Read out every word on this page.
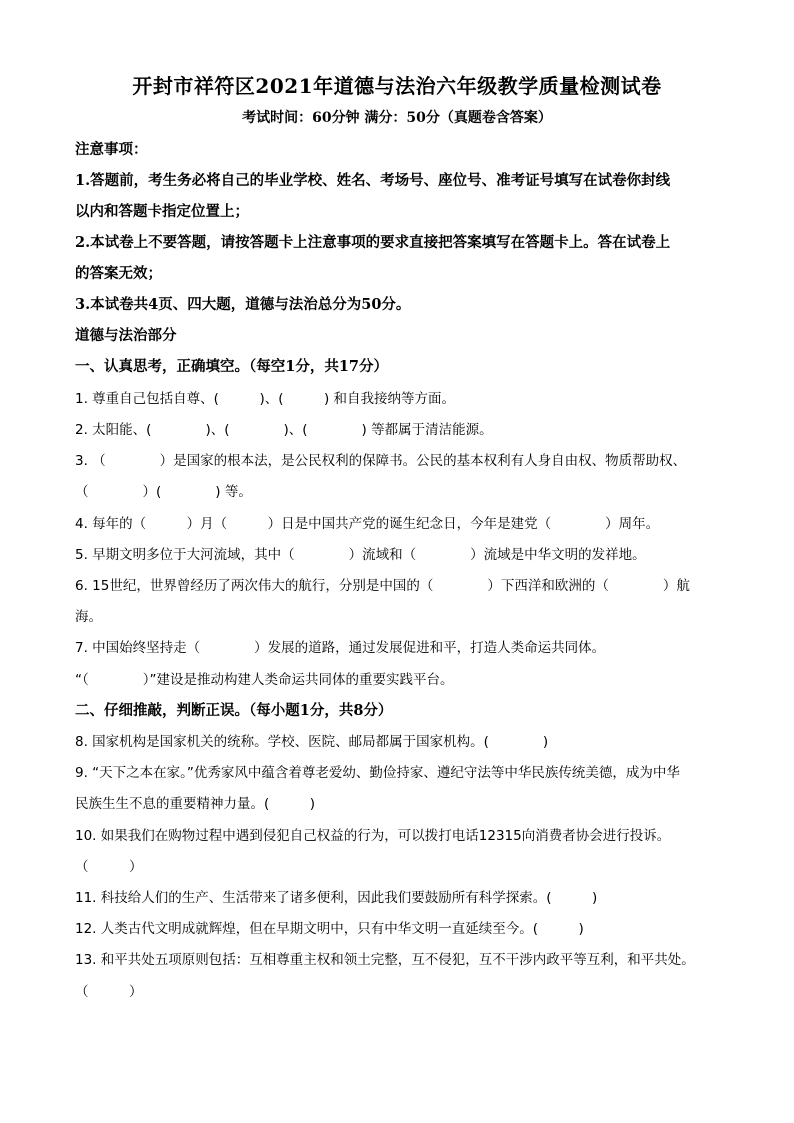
开封市祥符区2021年道德与法治六年级教学质量检测试卷
考试时间：60分钟 满分：50分（真题卷含答案）
注意事项：
1.答题前，考生务必将自己的毕业学校、姓名、考场号、座位号、准考证号填写在试卷你封线
以内和答题卡指定位置上；
2.本试卷上不要答题，请按答题卡上注意事项的要求直接把答案填写在答题卡上。答在试卷上
的答案无效；
3.本试卷共4页、四大题，道德与法治总分为50分。
道德与法治部分
一、认真思考，正确填空。（每空1分，共17分）
1. 尊重自己包括自尊、(　　　)、(　　　) 和自我接纳等方面。
2. 太阳能、(　　　　)、(　　　　)、(　　　　) 等都属于清洁能源。
3. （　　　　）是国家的根本法，是公民权利的保障书。公民的基本权利有人身自由权、物质帮助权、
（　　　　）(　　　　) 等。
4. 每年的（　　　）月（　　　）日是中国共产党的诞生纪念日，今年是建党（　　　　）周年。
5. 早期文明多位于大河流域，其中（　　　　）流域和（　　　　）流域是中华文明的发祥地。
6. 15世纪，世界曾经历了两次伟大的航行，分别是中国的（　　　　）下西洋和欧洲的（　　　　）航
海。
7. 中国始终坚持走（　　　　）发展的道路，通过发展促进和平，打造人类命运共同体。
“（　　　　）”建设是推动构建人类命运共同体的重要实践平台。
二、仔细推敲，判断正误。（每小题1分，共8分）
8. 国家机构是国家机关的统称。学校、医院、邮局都属于国家机构。(　　　　)
9. “天下之本在家。”优秀家风中蕴含着尊老爱幼、勤俭持家、遵纪守法等中华民族传统美德，成为中华
民族生生不息的重要精神力量。(　　　)
10. 如果我们在购物过程中遇到侵犯自己权益的行为，可以拨打电话12315向消费者协会进行投诉。
（　　　）
11. 科技给人们的生产、生活带来了诸多便利，因此我们要鼓励所有科学探索。(　　　)
12. 人类古代文明成就辉煌，但在早期文明中，只有中华文明一直延续至今。(　　　)
13. 和平共处五项原则包括：互相尊重主权和领土完整，互不侵犯，互不干涉内政平等互利，和平共处。
（　　　）
